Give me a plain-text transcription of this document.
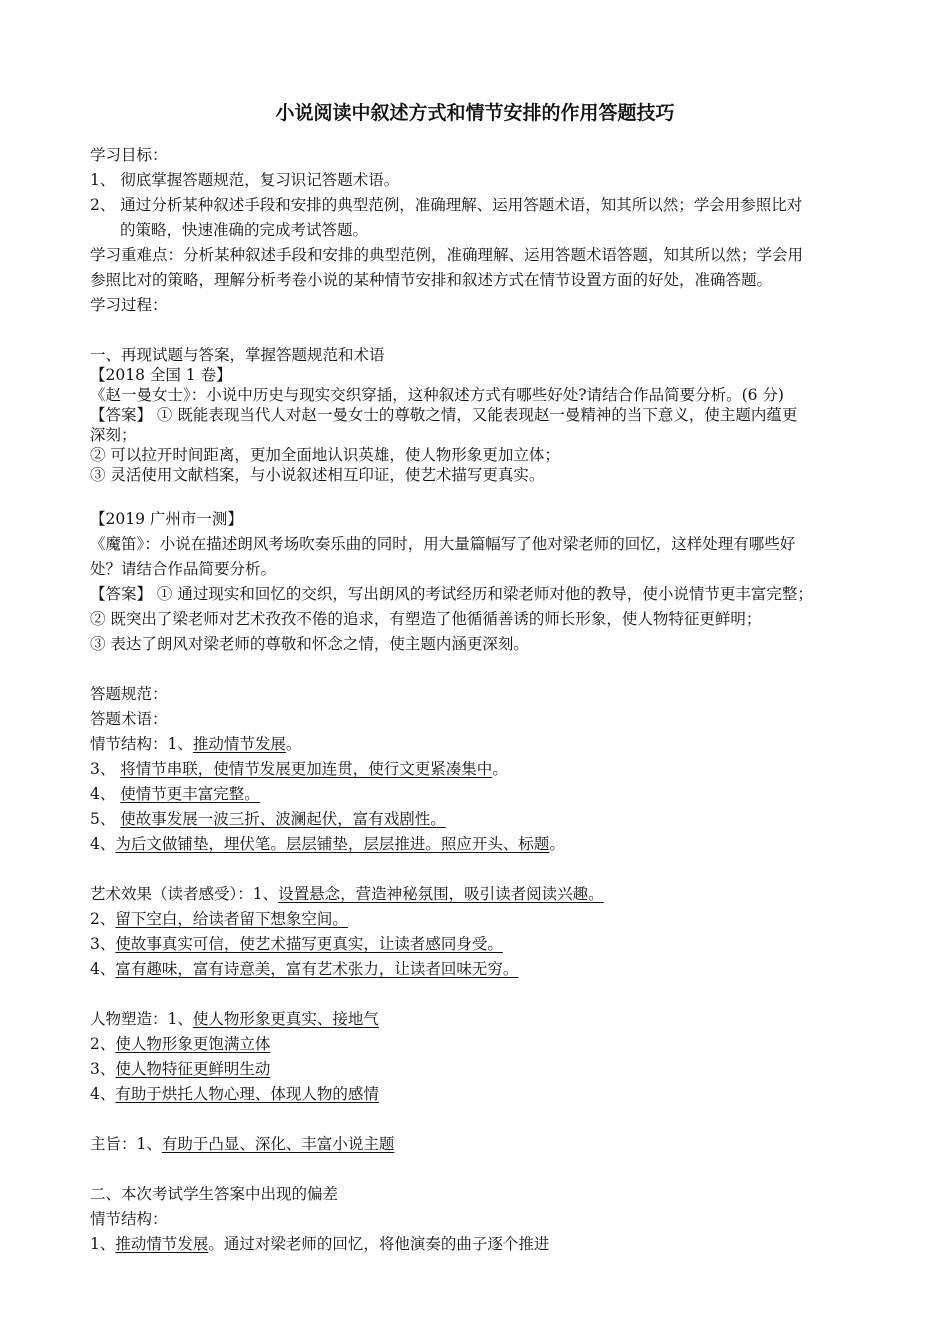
小说阅读中叙述方式和情节安排的作用答题技巧
学习目标：
1、 彻底掌握答题规范，复习识记答题术语。
2、 通过分析某种叙述手段和安排的典型范例，准确理解、运用答题术语，知其所以然；学会用参照比对
的策略，快速准确的完成考试答题。
学习重难点：分析某种叙述手段和安排的典型范例，准确理解、运用答题术语答题，知其所以然；学会用
参照比对的策略，理解分析考卷小说的某种情节安排和叙述方式在情节设置方面的好处，准确答题。
学习过程：
一、再现试题与答案，掌握答题规范和术语
【2018 全国 1 卷】
《赵一曼女士》：小说中历史与现实交织穿插，这种叙述方式有哪些好处?请结合作品简要分析。(6 分)
【答案】 ① 既能表现当代人对赵一曼女士的尊敬之情，又能表现赵一曼精神的当下意义，使主题内蕴更
深刻；
② 可以拉开时间距离，更加全面地认识英雄，使人物形象更加立体；
③ 灵活使用文献档案，与小说叙述相互印证，使艺术描写更真实。
【2019 广州市一测】
《魔笛》：小说在描述朗风考场吹奏乐曲的同时，用大量篇幅写了他对梁老师的回忆，这样处理有哪些好
处？请结合作品简要分析。
【答案】 ① 通过现实和回忆的交织，写出朗风的考试经历和梁老师对他的教导，使小说情节更丰富完整；
② 既突出了梁老师对艺术孜孜不倦的追求，有塑造了他循循善诱的师长形象，使人物特征更鲜明；
③ 表达了朗风对梁老师的尊敬和怀念之情，使主题内涵更深刻。
答题规范：
答题术语：
情节结构：1、推动情节发展。
3、 将情节串联，使情节发展更加连贯，使行文更紧凑集中。
4、 使情节更丰富完整。
5、 使故事发展一波三折、波澜起伏，富有戏剧性。
4、为后文做铺垫，埋伏笔。层层铺垫，层层推进。照应开头、标题。
艺术效果（读者感受）：1、设置悬念，营造神秘氛围，吸引读者阅读兴趣。
2、留下空白，给读者留下想象空间。
3、使故事真实可信，使艺术描写更真实，让读者感同身受。
4、富有趣味，富有诗意美，富有艺术张力，让读者回味无穷。
人物塑造：1、使人物形象更真实、接地气
2、使人物形象更饱满立体
3、使人物特征更鲜明生动
4、有助于烘托人物心理、体现人物的感情
主旨：1、有助于凸显、深化、丰富小说主题
二、本次考试学生答案中出现的偏差
情节结构：
1、推动情节发展。通过对梁老师的回忆，将他演奏的曲子逐个推进
